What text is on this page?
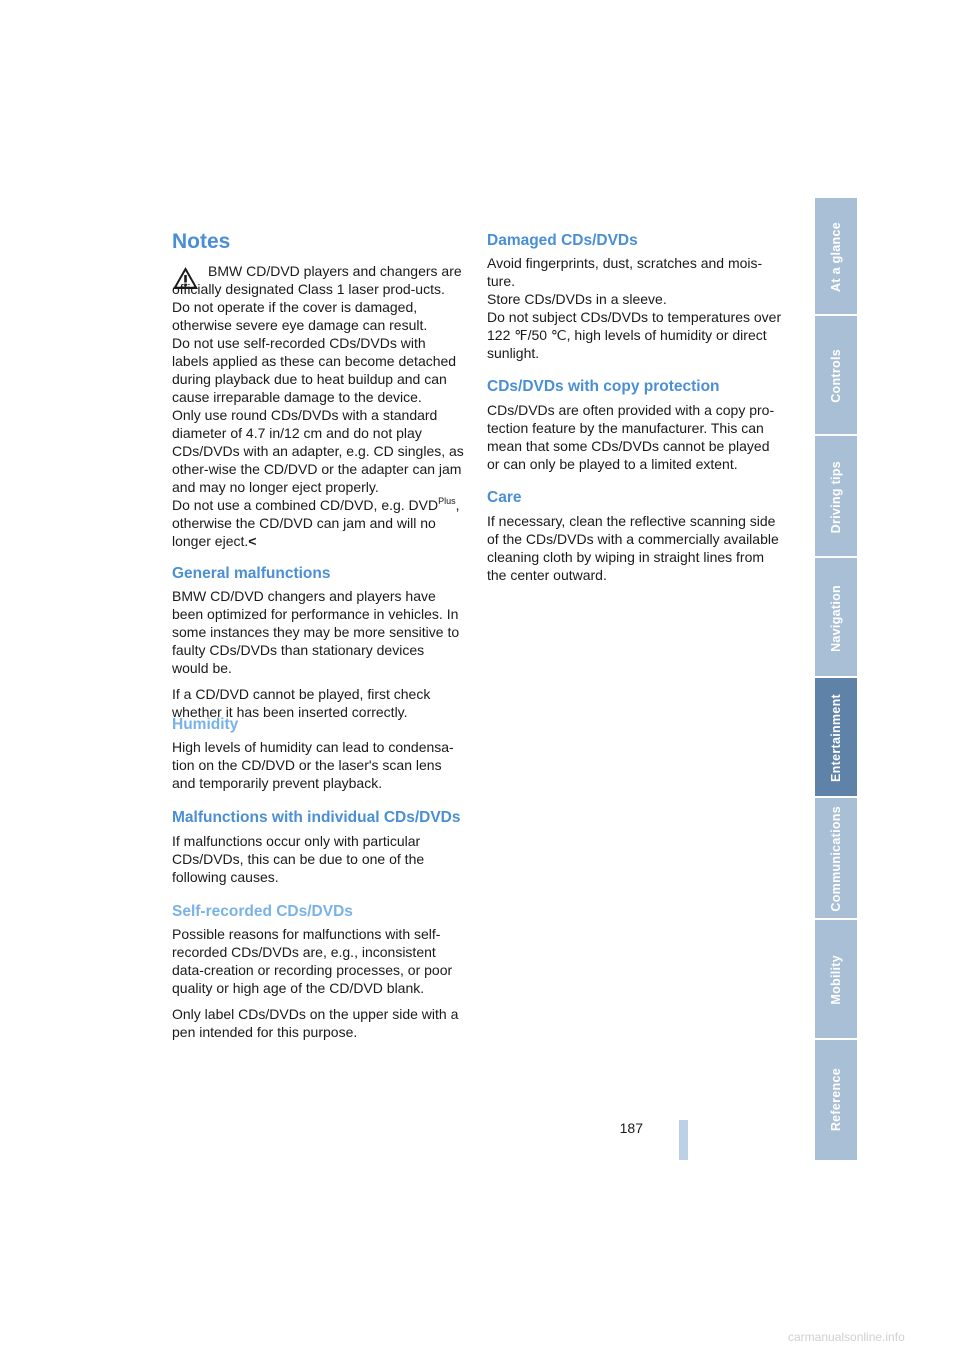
Notes

BMW CD/DVD players and changers are officially designated Class 1 laser prod-ucts. Do not operate if the cover is damaged, otherwise severe eye damage can result.

Do not use self-recorded CDs/DVDs with labels applied as these can become detached during playback due to heat buildup and can cause irreparable damage to the device.

Only use round CDs/DVDs with a standard diameter of 4.7 in/12 cm and do not play CDs/DVDs with an adapter, e.g. CD singles, as other-wise the CD/DVD or the adapter can jam and may no longer eject properly.

Do not use a combined CD/DVD, e.g. $DVD^{Plus}$, otherwise the CD/DVD can jam and will no longer eject.<

General malfunctions

BMW CD/DVD changers and players have been optimized for performance in vehicles. In some instances they may be more sensitive to faulty CDs/DVDs than stationary devices would be.

If a CD/DVD cannot be played, first check whether it has been inserted correctly.

Humidity

High levels of humidity can lead to condensa-tion on the CD/DVD or the laser's scan lens and temporarily prevent playback.

Malfunctions with individual CDs/DVDs

If malfunctions occur only with particular CDs/DVDs, this can be due to one of the following causes.

Self-recorded CDs/DVDs

Possible reasons for malfunctions with self-recorded CDs/DVDs are, e.g., inconsistent data-creation or recording processes, or poor quality or high age of the CD/DVD blank.

Only label CDs/DVDs on the upper side with a pen intended for this purpose.

Damaged CDs/DVDs

Avoid fingerprints, dust, scratches and mois-ture.

Store CDs/DVDs in a sleeve.

Do not subject CDs/DVDs to temperatures over 122 ℉/50 ℃, high levels of humidity or direct sunlight.

CDs/DVDs with copy protection

CDs/DVDs are often provided with a copy pro-tection feature by the manufacturer. This can mean that some CDs/DVDs cannot be played or can only be played to a limited extent.

Care

If necessary, clean the reflective scanning side of the CDs/DVDs with a commercially available cleaning cloth by wiping in straight lines from the center outward.

At a glance
Controls
Driving tips
Navigation
Entertainment
Communications
Mobility
Reference
187
carmanualsonline.info
